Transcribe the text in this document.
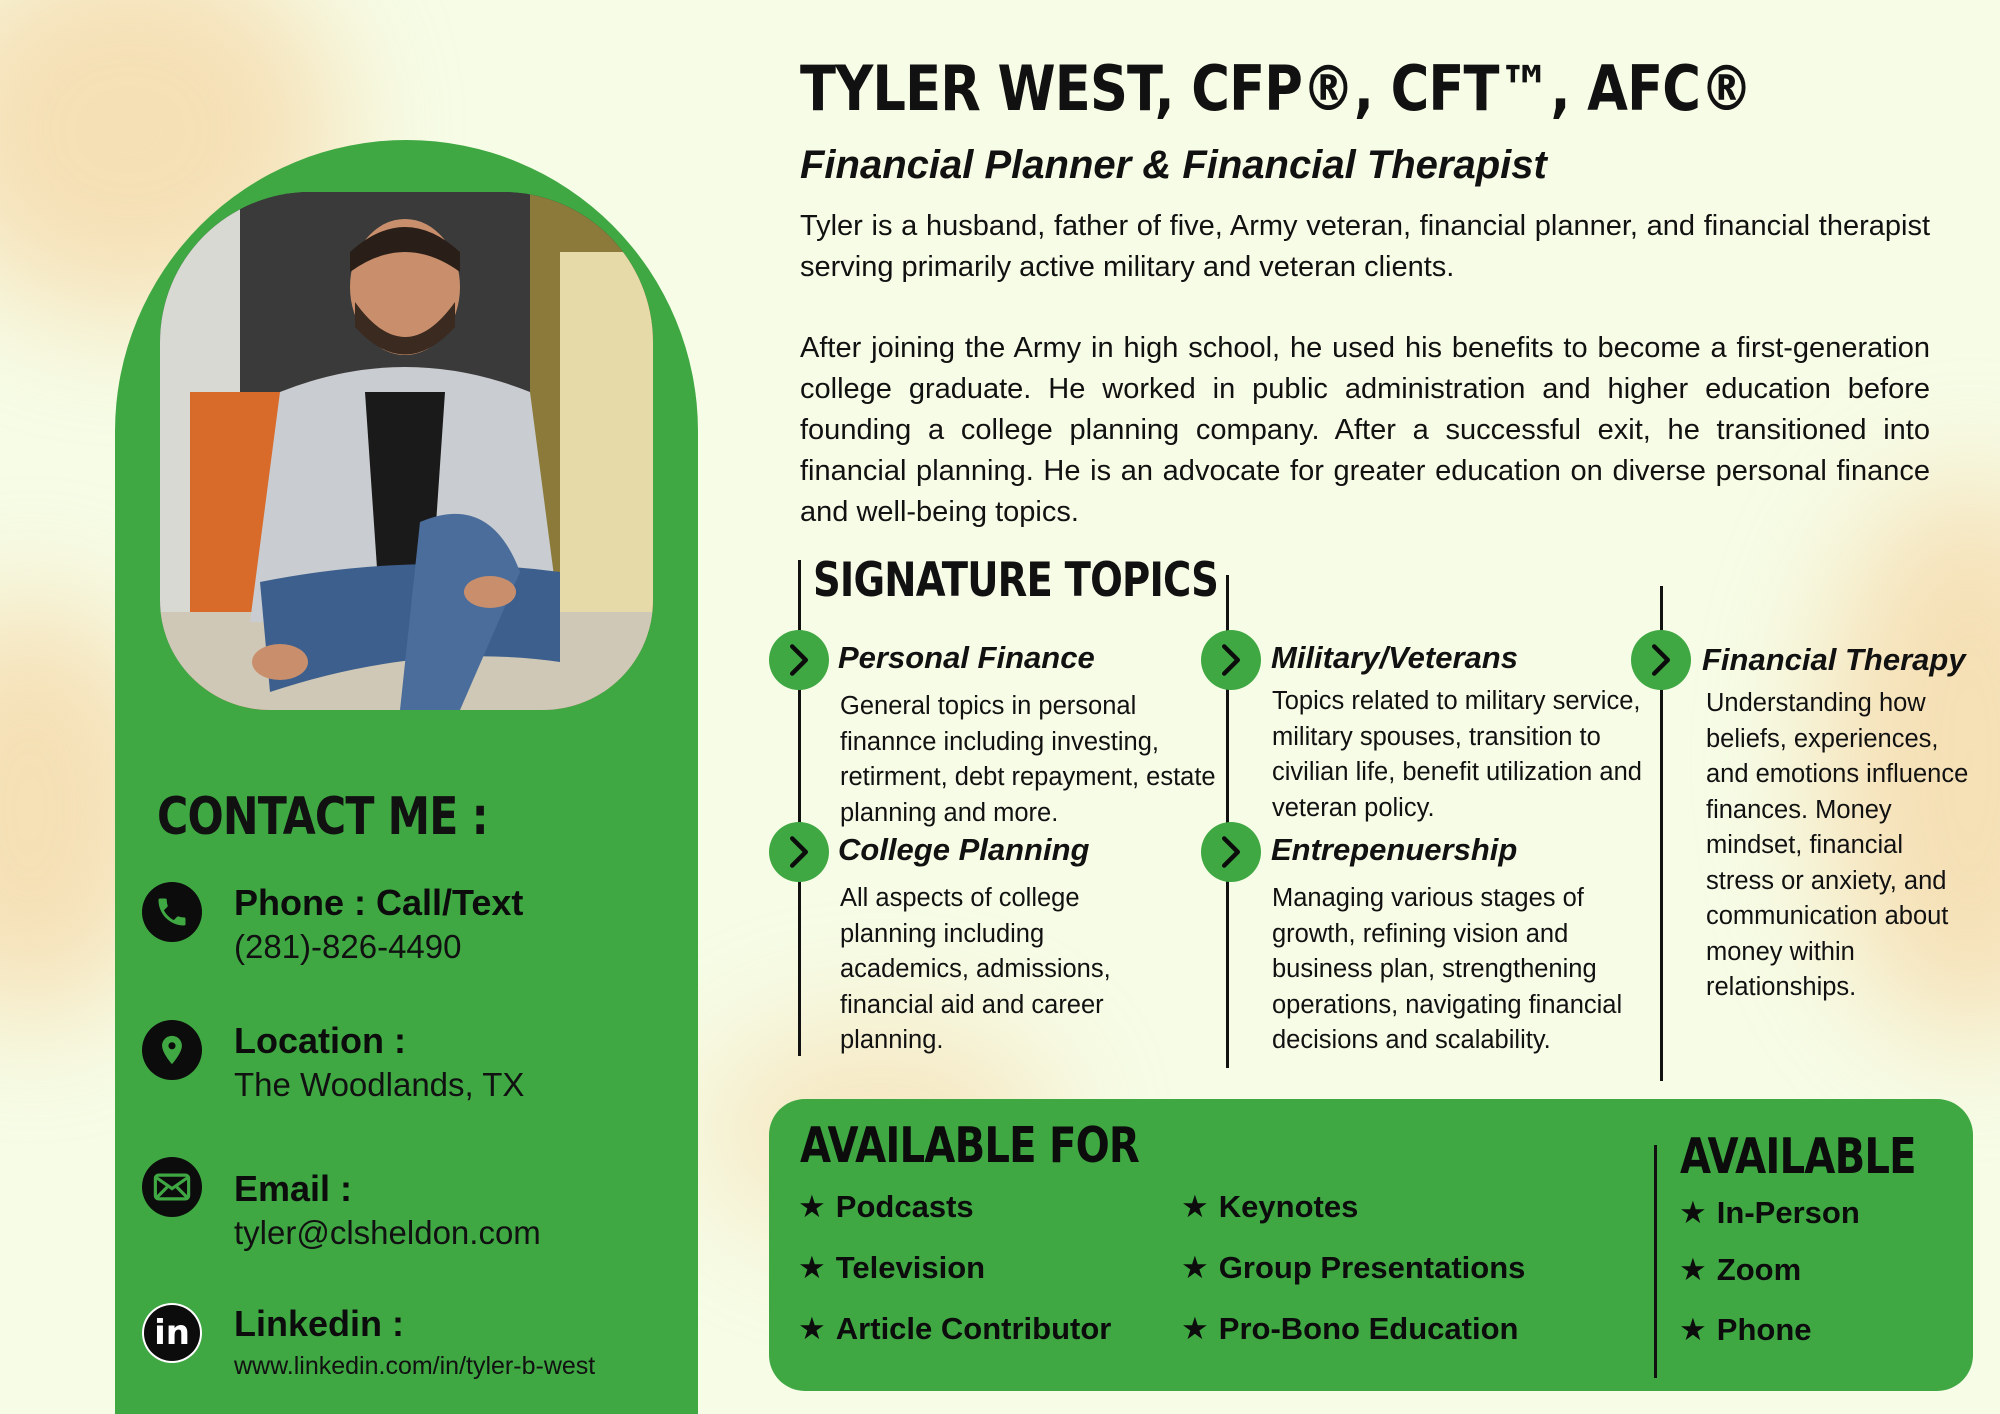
CONTACT ME :
Phone : Call/Text
(281)-826-4490
Location :
The Woodlands, TX
Email :
tyler@clsheldon.com
in Linkedin :
www.linkedin.com/in/tyler-b-west
TYLER WEST, CFP®, CFT™, AFC®
Financial Planner & Financial Therapist
Tyler is a husband, father of five, Army veteran, financial planner, and financial therapist serving primarily active military and veteran clients.
After joining the Army in high school, he used his benefits to become a first-generation college graduate. He worked in public administration and higher education before founding a college planning company. After a successful exit, he transitioned into financial planning. He is an advocate for greater education on diverse personal finance and well-being topics.
SIGNATURE TOPICS
Personal Finance
General topics in personal finannce including investing, retirment, debt repayment, estate planning and more.
College Planning
All aspects of college planning including academics, admissions, financial aid and career planning.
Military/Veterans
Topics related to military service, military spouses, transition to civilian life, benefit utilization and veteran policy.
Entrepenuership
Managing various stages of growth, refining vision and business plan, strengthening operations, navigating financial decisions and scalability.
Financial Therapy
Understanding how beliefs, experiences, and emotions influence finances. Money mindset, financial stress or anxiety, and communication about money within relationships.
AVAILABLE FOR
★ Podcasts
★ Television
★ Article Contributor
★ Keynotes
★ Group Presentations
★ Pro-Bono Education
AVAILABLE
★ In-Person
★ Zoom
★ Phone
